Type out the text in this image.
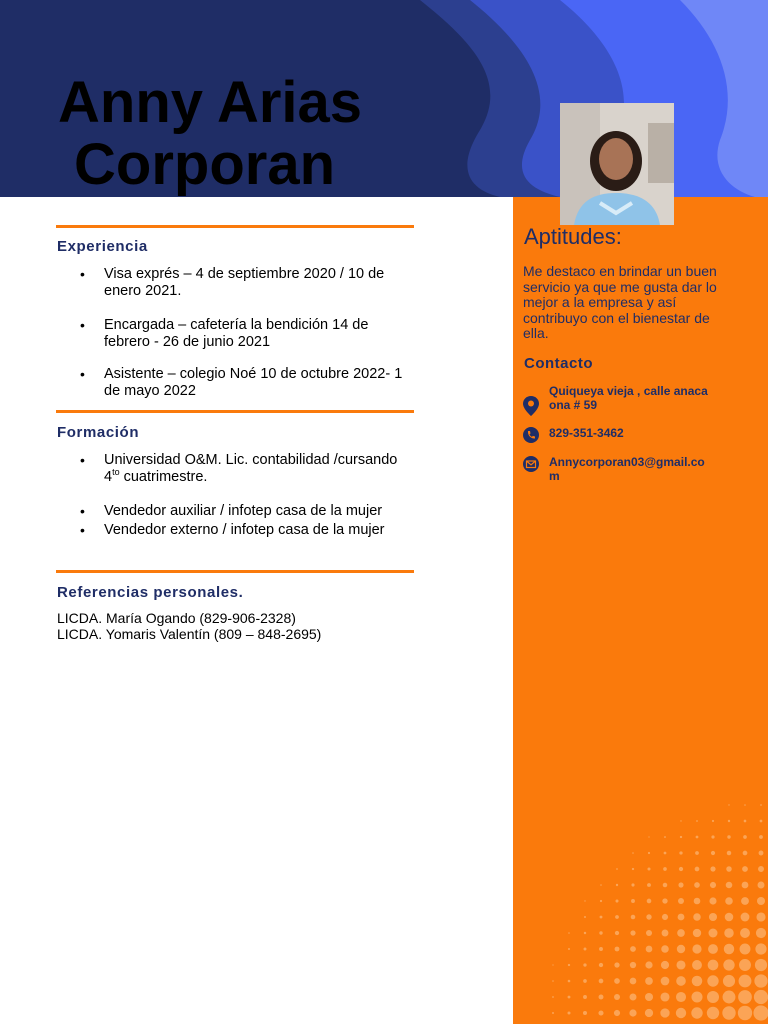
Anny Arias
Corporan
Aptitudes:

Me destaco en brindar un buen servicio ya que me gusta dar lo mejor a la empresa y así contribuyo con el bienestar de ella.

Contacto
Quiqueya vieja , calle anacaona # 59
829-351-3462
Annycorporan03@gmail.com
Experiencia
• Visa exprés – 4 de septiembre 2020 / 10 de enero 2021.
• Encargada – cafetería la bendición 14 de febrero - 26 de junio 2021
• Asistente – colegio Noé 10 de octubre 2022- 1 de mayo 2022
Formación
• Universidad O&M. Lic. contabilidad /cursando $4^{to}$ cuatrimestre.
• Vendedor auxiliar / infotep casa de la mujer
• Vendedor externo / infotep casa de la mujer
Referencias personales.
LICDA. María Ogando (829-906-2328)
LICDA. Yomaris Valentín (809 – 848-2695)
